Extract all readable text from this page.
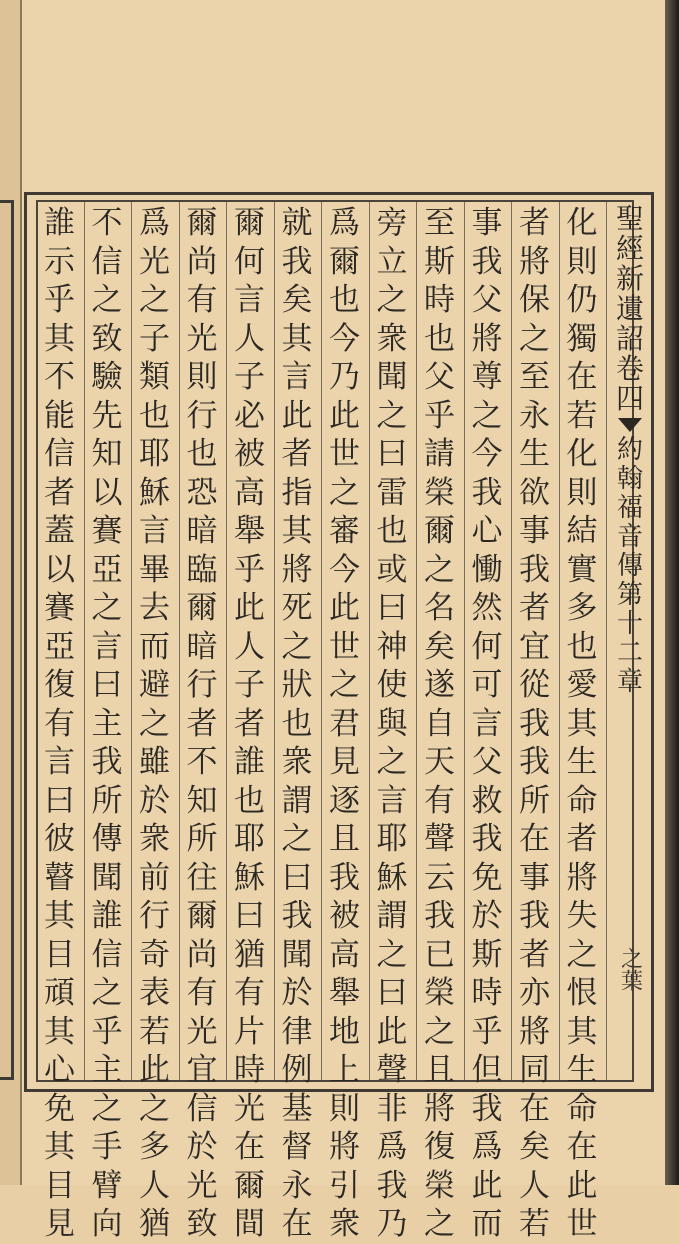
聖
經
新
遺
詔
卷
四
約
翰
福
音
傳
第
十
二
章
之葉
化
則
仍
獨
在
若
化
則
結
實
多
也
愛
其
生
命
者
將
失
之
恨
其
生
命
在
此
世
者
將
保
之
至
永
生
欲
事
我
者
宜
從
我
我
所
在
事
我
者
亦
將
同
在
矣
人
若
事
我
父
將
尊
之
今
我
心
慟
然
何
可
言
父
救
我
免
於
斯
時
乎
但
我
爲
此
而
至
斯
時
也
父
乎
請
榮
爾
之
名
矣
遂
自
天
有
聲
云
我
已
榮
之
且
將
復
榮
之
旁
立
之
衆
聞
之
曰
雷
也
或
曰
神
使
與
之
言
耶
穌
謂
之
曰
此
聲
非
爲
我
乃
爲
爾
也
今
乃
此
世
之
審
今
此
世
之
君
見
逐
且
我
被
高
舉
地
上
則
將
引
衆
就
我
矣
其
言
此
者
指
其
將
死
之
狀
也
衆
謂
之
曰
我
聞
於
律
例
基
督
永
在
爾
何
言
人
子
必
被
高
舉
乎
此
人
子
者
誰
也
耶
穌
曰
猶
有
片
時
光
在
爾
間
爾
尚
有
光
則
行
也
恐
暗
臨
爾
暗
行
者
不
知
所
往
爾
尚
有
光
宜
信
於
光
致
爲
光
之
子
類
也
耶
穌
言
畢
去
而
避
之
雖
於
衆
前
行
奇
表
若
此
之
多
人
猶
不
信
之
致
驗
先
知
以
賽
亞
之
言
曰
主
我
所
傳
聞
誰
信
之
乎
主
之
手
臂
向
誰
示
乎
其
不
能
信
者
蓋
以
賽
亞
復
有
言
曰
彼
瞽
其
目
頑
其
心
免
其
目
見
